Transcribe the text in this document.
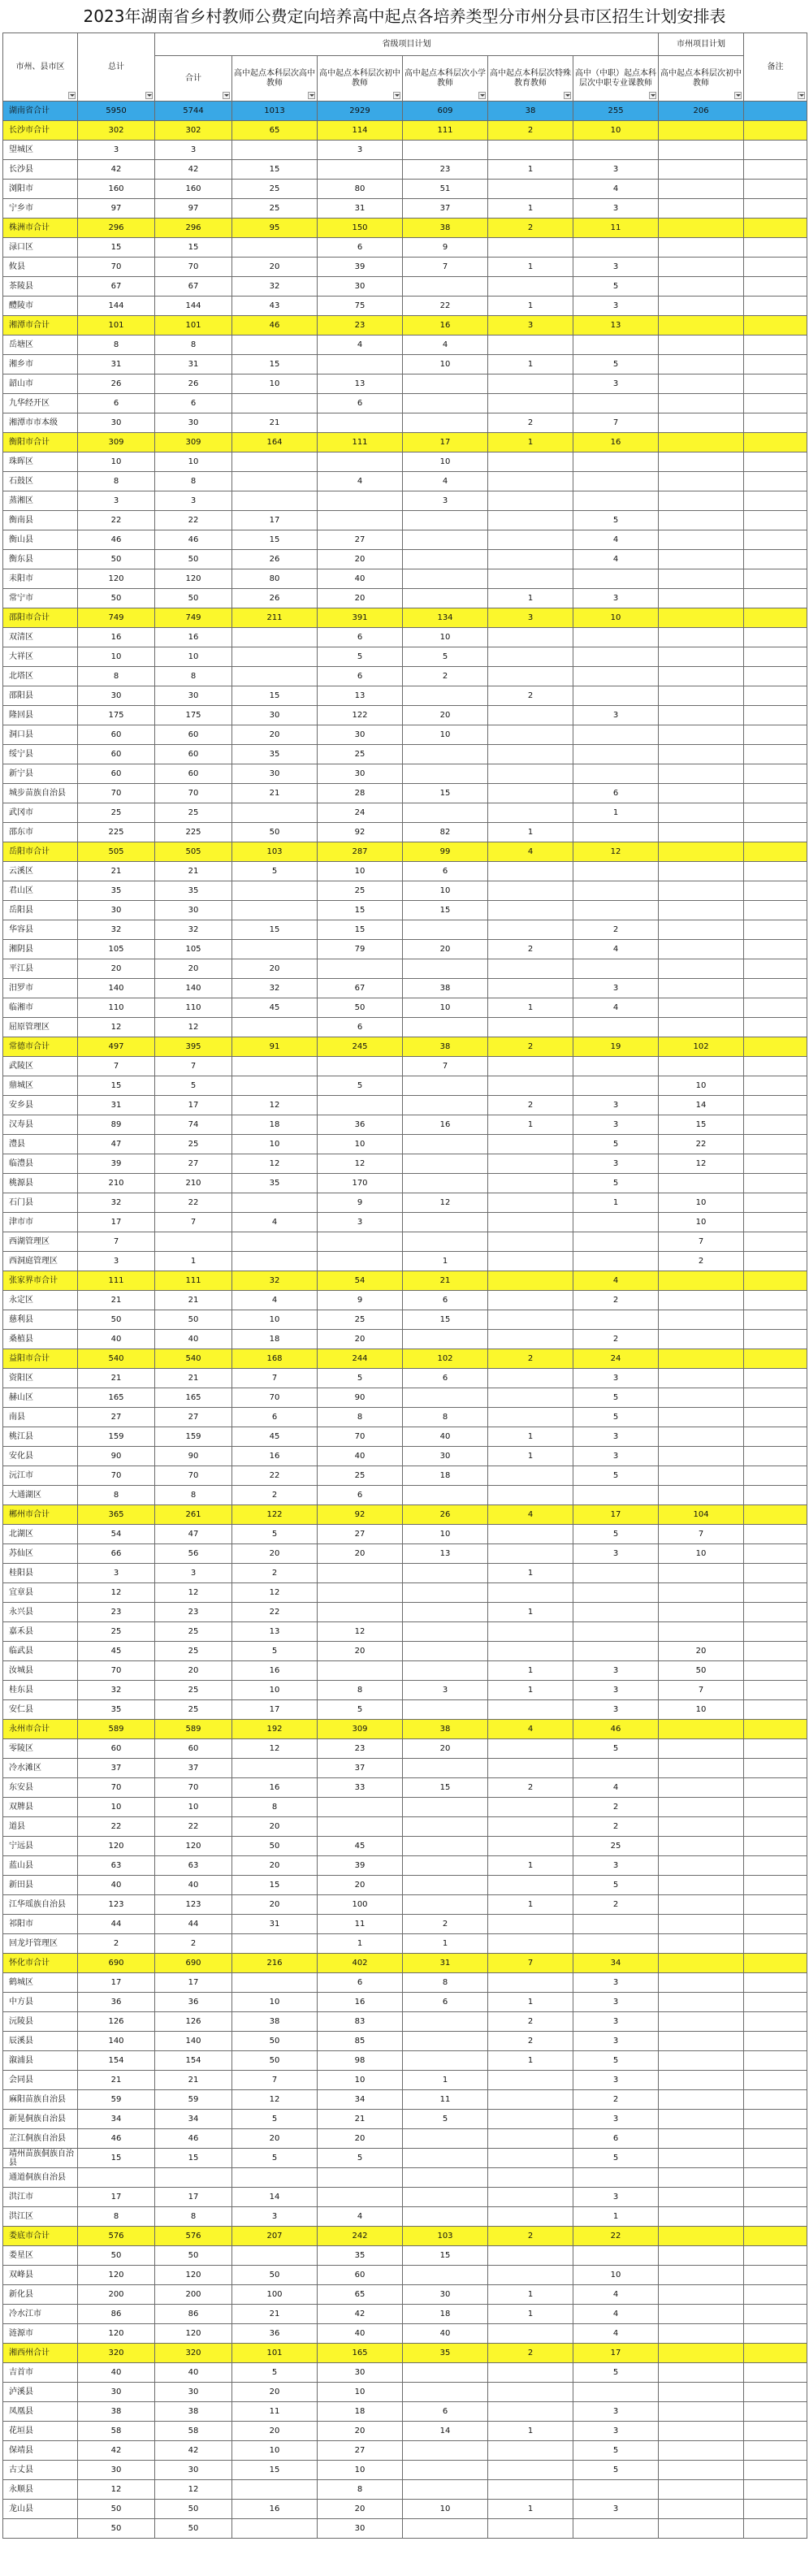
2023年湖南省乡村教师公费定向培养高中起点各培养类型分市州分县市区招生计划安排表
市州、县市区	总计	省级项目计划						市州项目计划	备注

		合计	高中起点本科层次高中教师	高中起点本科层次初中教师	高中起点本科层次小学教师	高中起点本科层次特殊教育教师	高中（中职）起点本科层次中职专业课教师	高中起点本科层次初中教师	

湖南省合计	5950	5744	1013	2929	609	38	255	206	
长沙市合计	302	302	65	114	111	2	10		
望城区	3	3		3					
长沙县	42	42	15		23	1	3		
浏阳市	160	160	25	80	51		4		
宁乡市	97	97	25	31	37	1	3		
株洲市合计	296	296	95	150	38	2	11		
渌口区	15	15		6	9				
攸县	70	70	20	39	7	1	3		
茶陵县	67	67	32	30			5		
醴陵市	144	144	43	75	22	1	3		
湘潭市合计	101	101	46	23	16	3	13		
岳塘区	8	8		4	4				
湘乡市	31	31	15		10	1	5		
韶山市	26	26	10	13			3		
九华经开区	6	6		6					
湘潭市市本级	30	30	21			2	7		
衡阳市合计	309	309	164	111	17	1	16		
珠晖区	10	10			10				
石鼓区	8	8		4	4				
蒸湘区	3	3			3				
衡南县	22	22	17				5		
衡山县	46	46	15	27			4		
衡东县	50	50	26	20			4		
耒阳市	120	120	80	40					
常宁市	50	50	26	20		1	3		
邵阳市合计	749	749	211	391	134	3	10		
双清区	16	16		6	10				
大祥区	10	10		5	5				
北塔区	8	8		6	2				
邵阳县	30	30	15	13		2			
隆回县	175	175	30	122	20		3		
洞口县	60	60	20	30	10				
绥宁县	60	60	35	25					
新宁县	60	60	30	30					
城步苗族自治县	70	70	21	28	15		6		
武冈市	25	25		24			1		
邵东市	225	225	50	92	82	1			
岳阳市合计	505	505	103	287	99	4	12		
云溪区	21	21	5	10	6				
君山区	35	35		25	10				
岳阳县	30	30		15	15				
华容县	32	32	15	15			2		
湘阴县	105	105		79	20	2	4		
平江县	20	20	20						
汨罗市	140	140	32	67	38		3		
临湘市	110	110	45	50	10	1	4		
屈原管理区	12	12		6					
常德市合计	497	395	91	245	38	2	19	102	
武陵区	7	7			7				
鼎城区	15	5		5				10	
安乡县	31	17	12			2	3	14	
汉寿县	89	74	18	36	16	1	3	15	
澧县	47	25	10	10			5	22	
临澧县	39	27	12	12			3	12	
桃源县	210	210	35	170			5		
石门县	32	22		9	12		1	10	
津市市	17	7	4	3				10	
西湖管理区	7							7	
西洞庭管理区	3	1			1			2	
张家界市合计	111	111	32	54	21		4		
永定区	21	21	4	9	6		2		
慈利县	50	50	10	25	15				
桑植县	40	40	18	20			2		
益阳市合计	540	540	168	244	102	2	24		
资阳区	21	21	7	5	6		3		
赫山区	165	165	70	90			5		
南县	27	27	6	8	8		5		
桃江县	159	159	45	70	40	1	3		
安化县	90	90	16	40	30	1	3		
沅江市	70	70	22	25	18		5		
大通湖区	8	8	2	6					
郴州市合计	365	261	122	92	26	4	17	104	
北湖区	54	47	5	27	10		5	7	
苏仙区	66	56	20	20	13		3	10	
桂阳县	3	3	2			1			
宜章县	12	12	12						
永兴县	23	23	22			1			
嘉禾县	25	25	13	12					
临武县	45	25	5	20				20	
汝城县	70	20	16			1	3	50	
桂东县	32	25	10	8	3	1	3	7	
安仁县	35	25	17	5			3	10	
永州市合计	589	589	192	309	38	4	46		
零陵区	60	60	12	23	20		5		
冷水滩区	37	37		37					
东安县	70	70	16	33	15	2	4		
双牌县	10	10	8				2		
道县	22	22	20				2		
宁远县	120	120	50	45			25		
蓝山县	63	63	20	39		1	3		
新田县	40	40	15	20			5		
江华瑶族自治县	123	123	20	100		1	2		
祁阳市	44	44	31	11	2				
回龙圩管理区	2	2		1	1				
怀化市合计	690	690	216	402	31	7	34		
鹤城区	17	17		6	8		3		
中方县	36	36	10	16	6	1	3		
沅陵县	126	126	38	83		2	3		
辰溪县	140	140	50	85		2	3		
溆浦县	154	154	50	98		1	5		
会同县	21	21	7	10	1		3		
麻阳苗族自治县	59	59	12	34	11		2		
新晃侗族自治县	34	34	5	21	5		3		
芷江侗族自治县	46	46	20	20			6		
靖州苗族侗族自治县	15	15	5	5			5		
通道侗族自治县									
洪江市	17	17	14				3		
洪江区	8	8	3	4			1		
娄底市合计	576	576	207	242	103	2	22		
娄星区	50	50		35	15				
双峰县	120	120	50	60			10		
新化县	200	200	100	65	30	1	4		
冷水江市	86	86	21	42	18	1	4		
涟源市	120	120	36	40	40		4		
湘西州合计	320	320	101	165	35	2	17		
吉首市	40	40	5	30			5		
泸溪县	30	30	20	10					
凤凰县	38	38	11	18	6		3		
花垣县	58	58	20	20	14	1	3		
保靖县	42	42	10	27			5		
古丈县	30	30	15	10			5		
永顺县	12	12		8					
龙山县	50	50	16	20	10	1	3		
	50	50		30					
